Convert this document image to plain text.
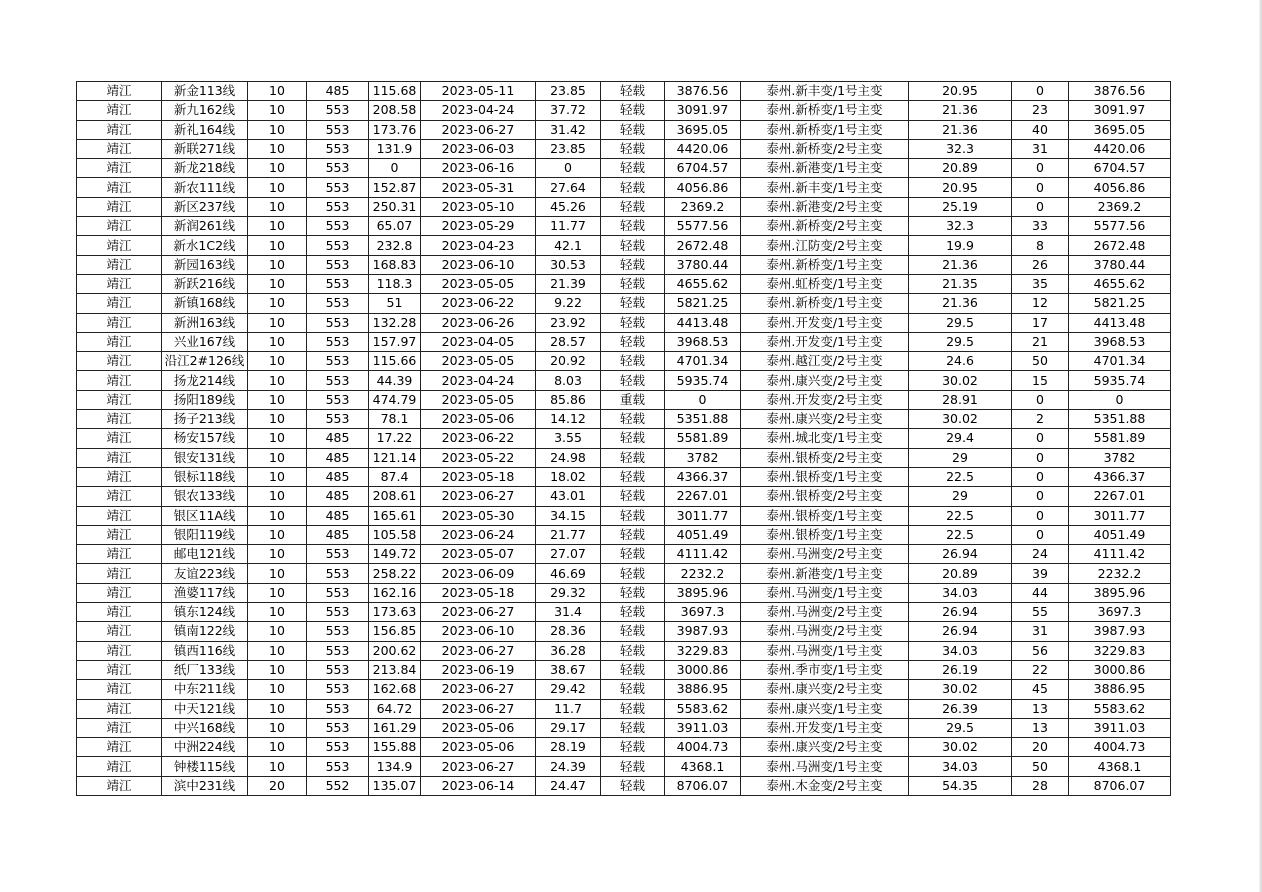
靖江	新金113线	10	485	115.68	2023-05-11	23.85	轻载	3876.56	泰州.新丰变/1号主变	20.95	0	3876.56
靖江	新九162线	10	553	208.58	2023-04-24	37.72	轻载	3091.97	泰州.新桥变/1号主变	21.36	23	3091.97
靖江	新礼164线	10	553	173.76	2023-06-27	31.42	轻载	3695.05	泰州.新桥变/1号主变	21.36	40	3695.05
靖江	新联271线	10	553	131.9	2023-06-03	23.85	轻载	4420.06	泰州.新桥变/2号主变	32.3	31	4420.06
靖江	新龙218线	10	553	0	2023-06-16	0	轻载	6704.57	泰州.新港变/1号主变	20.89	0	6704.57
靖江	新农111线	10	553	152.87	2023-05-31	27.64	轻载	4056.86	泰州.新丰变/1号主变	20.95	0	4056.86
靖江	新区237线	10	553	250.31	2023-05-10	45.26	轻载	2369.2	泰州.新港变/2号主变	25.19	0	2369.2
靖江	新润261线	10	553	65.07	2023-05-29	11.77	轻载	5577.56	泰州.新桥变/2号主变	32.3	33	5577.56
靖江	新水1C2线	10	553	232.8	2023-04-23	42.1	轻载	2672.48	泰州.江防变/2号主变	19.9	8	2672.48
靖江	新园163线	10	553	168.83	2023-06-10	30.53	轻载	3780.44	泰州.新桥变/1号主变	21.36	26	3780.44
靖江	新跃216线	10	553	118.3	2023-05-05	21.39	轻载	4655.62	泰州.虹桥变/1号主变	21.35	35	4655.62
靖江	新镇168线	10	553	51	2023-06-22	9.22	轻载	5821.25	泰州.新桥变/1号主变	21.36	12	5821.25
靖江	新洲163线	10	553	132.28	2023-06-26	23.92	轻载	4413.48	泰州.开发变/1号主变	29.5	17	4413.48
靖江	兴业167线	10	553	157.97	2023-04-05	28.57	轻载	3968.53	泰州.开发变/1号主变	29.5	21	3968.53
靖江	沿江2#126线	10	553	115.66	2023-05-05	20.92	轻载	4701.34	泰州.越江变/2号主变	24.6	50	4701.34
靖江	扬龙214线	10	553	44.39	2023-04-24	8.03	轻载	5935.74	泰州.康兴变/2号主变	30.02	15	5935.74
靖江	扬阳189线	10	553	474.79	2023-05-05	85.86	重载	0	泰州.开发变/2号主变	28.91	0	0
靖江	扬子213线	10	553	78.1	2023-05-06	14.12	轻载	5351.88	泰州.康兴变/2号主变	30.02	2	5351.88
靖江	杨安157线	10	485	17.22	2023-06-22	3.55	轻载	5581.89	泰州.城北变/1号主变	29.4	0	5581.89
靖江	银安131线	10	485	121.14	2023-05-22	24.98	轻载	3782	泰州.银桥变/2号主变	29	0	3782
靖江	银标118线	10	485	87.4	2023-05-18	18.02	轻载	4366.37	泰州.银桥变/1号主变	22.5	0	4366.37
靖江	银农133线	10	485	208.61	2023-06-27	43.01	轻载	2267.01	泰州.银桥变/2号主变	29	0	2267.01
靖江	银区11A线	10	485	165.61	2023-05-30	34.15	轻载	3011.77	泰州.银桥变/1号主变	22.5	0	3011.77
靖江	银阳119线	10	485	105.58	2023-06-24	21.77	轻载	4051.49	泰州.银桥变/1号主变	22.5	0	4051.49
靖江	邮电121线	10	553	149.72	2023-05-07	27.07	轻载	4111.42	泰州.马洲变/2号主变	26.94	24	4111.42
靖江	友谊223线	10	553	258.22	2023-06-09	46.69	轻载	2232.2	泰州.新港变/1号主变	20.89	39	2232.2
靖江	渔婆117线	10	553	162.16	2023-05-18	29.32	轻载	3895.96	泰州.马洲变/1号主变	34.03	44	3895.96
靖江	镇东124线	10	553	173.63	2023-06-27	31.4	轻载	3697.3	泰州.马洲变/2号主变	26.94	55	3697.3
靖江	镇南122线	10	553	156.85	2023-06-10	28.36	轻载	3987.93	泰州.马洲变/2号主变	26.94	31	3987.93
靖江	镇西116线	10	553	200.62	2023-06-27	36.28	轻载	3229.83	泰州.马洲变/1号主变	34.03	56	3229.83
靖江	纸厂133线	10	553	213.84	2023-06-19	38.67	轻载	3000.86	泰州.季市变/1号主变	26.19	22	3000.86
靖江	中东211线	10	553	162.68	2023-06-27	29.42	轻载	3886.95	泰州.康兴变/2号主变	30.02	45	3886.95
靖江	中天121线	10	553	64.72	2023-06-27	11.7	轻载	5583.62	泰州.康兴变/1号主变	26.39	13	5583.62
靖江	中兴168线	10	553	161.29	2023-05-06	29.17	轻载	3911.03	泰州.开发变/1号主变	29.5	13	3911.03
靖江	中洲224线	10	553	155.88	2023-05-06	28.19	轻载	4004.73	泰州.康兴变/2号主变	30.02	20	4004.73
靖江	钟楼115线	10	553	134.9	2023-06-27	24.39	轻载	4368.1	泰州.马洲变/1号主变	34.03	50	4368.1
靖江	滨中231线	20	552	135.07	2023-06-14	24.47	轻载	8706.07	泰州.木金变/2号主变	54.35	28	8706.07
